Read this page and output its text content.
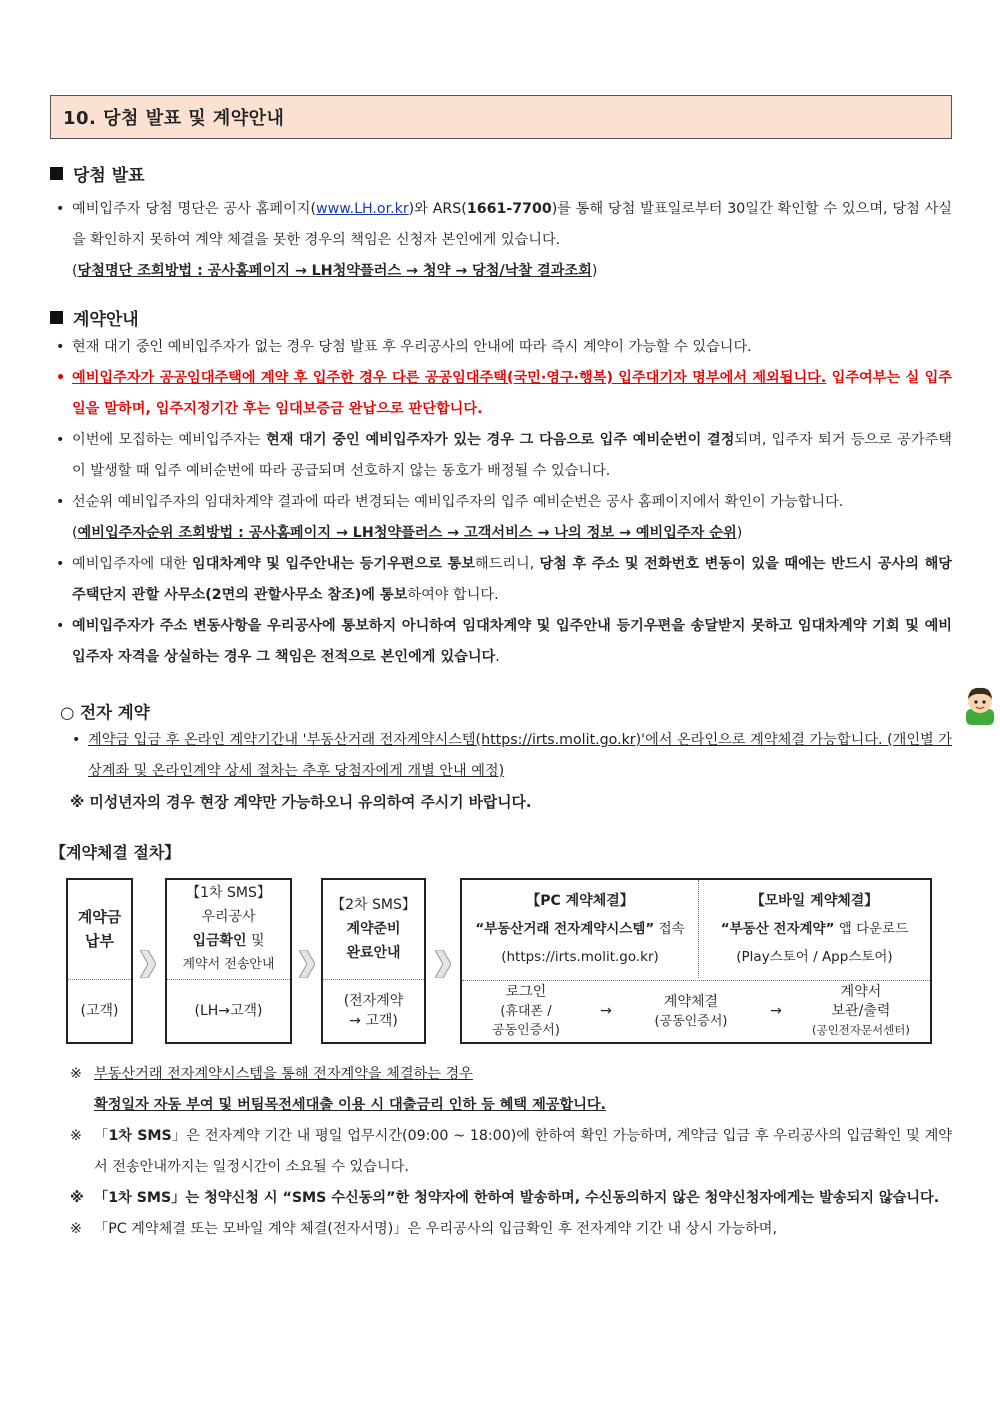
10. 당첨 발표 및 계약안내
당첨 발표
• 예비입주자 당첨 명단은 공사 홈페이지(www.LH.or.kr)와 ARS(1661-7700)를 통해 당첨 발표일로부터 30일간 확인할 수 있으며, 당첨 사실을 확인하지 못하여 계약 체결을 못한 경우의 책임은 신청자 본인에게 있습니다.
(당첨명단 조회방법 : 공사홈페이지 → LH청약플러스 → 청약 → 당첨/낙찰 결과조회)
계약안내
• 현재 대기 중인 예비입주자가 없는 경우 당첨 발표 후 우리공사의 안내에 따라 즉시 계약이 가능할 수 있습니다.
• 예비입주자가 공공임대주택에 계약 후 입주한 경우 다른 공공임대주택(국민·영구·행복) 입주대기자 명부에서 제외됩니다. 입주여부는 실 입주일을 말하며, 입주지정기간 후는 임대보증금 완납으로 판단합니다.
• 이번에 모집하는 예비입주자는 현재 대기 중인 예비입주자가 있는 경우 그 다음으로 입주 예비순번이 결정되며, 입주자 퇴거 등으로 공가주택이 발생할 때 입주 예비순번에 따라 공급되며 선호하지 않는 동호가 배정될 수 있습니다.
• 선순위 예비입주자의 임대차계약 결과에 따라 변경되는 예비입주자의 입주 예비순번은 공사 홈페이지에서 확인이 가능합니다.
(예비입주자순위 조회방법 : 공사홈페이지 → LH청약플러스 → 고객서비스 → 나의 정보 → 예비입주자 순위)
• 예비입주자에 대한 임대차계약 및 입주안내는 등기우편으로 통보해드리니, 당첨 후 주소 및 전화번호 변동이 있을 때에는 반드시 공사의 해당 주택단지 관할 사무소(2면의 관할사무소 참조)에 통보하여야 합니다.
• 예비입주자가 주소 변동사항을 우리공사에 통보하지 아니하여 임대차계약 및 입주안내 등기우편을 송달받지 못하고 임대차계약 기회 및 예비입주자 자격을 상실하는 경우 그 책임은 전적으로 본인에게 있습니다.
○ 전자 계약
• 계약금 입금 후 온라인 계약기간내 '부동산거래 전자계약시스템(https://irts.molit.go.kr)'에서 온라인으로 계약체결 가능합니다. (개인별 가상계좌 및 온라인계약 상세 절차는 추후 당첨자에게 개별 안내 예정)
※ 미성년자의 경우 현장 계약만 가능하오니 유의하여 주시기 바랍니다.
【계약체결 절차】
계약금
납부
(고객)
【1차 SMS】
우리공사
입금확인 및
계약서 전송안내
(LH→고객)
【2차 SMS】
계약준비
완료안내
(전자계약
→ 고객)
【PC 계약체결】
“부동산거래 전자계약시스템” 접속
(https://irts.molit.go.kr)
【모바일 계약체결】
“부동산 전자계약” 앱 다운로드
(Play스토어 / App스토어)
로그인
(휴대폰 /
공동인증서)
→
계약체결
(공동인증서)
→
계약서
보관/출력
(공인전자문서센터)
※ 부동산거래 전자계약시스템을 통해 전자계약을 체결하는 경우
확정일자 자동 부여 및 버팀목전세대출 이용 시 대출금리 인하 등 혜택 제공합니다.
※ 「1차 SMS」은 전자계약 기간 내 평일 업무시간(09:00 ~ 18:00)에 한하여 확인 가능하며, 계약금 입금 후 우리공사의 입금확인 및 계약서 전송안내까지는 일정시간이 소요될 수 있습니다.
※ 「1차 SMS」는 청약신청 시 “SMS 수신동의”한 청약자에 한하여 발송하며, 수신동의하지 않은 청약신청자에게는 발송되지 않습니다.
※ 「PC 계약체결 또는 모바일 계약 체결(전자서명)」은 우리공사의 입금확인 후 전자계약 기간 내 상시 가능하며,
